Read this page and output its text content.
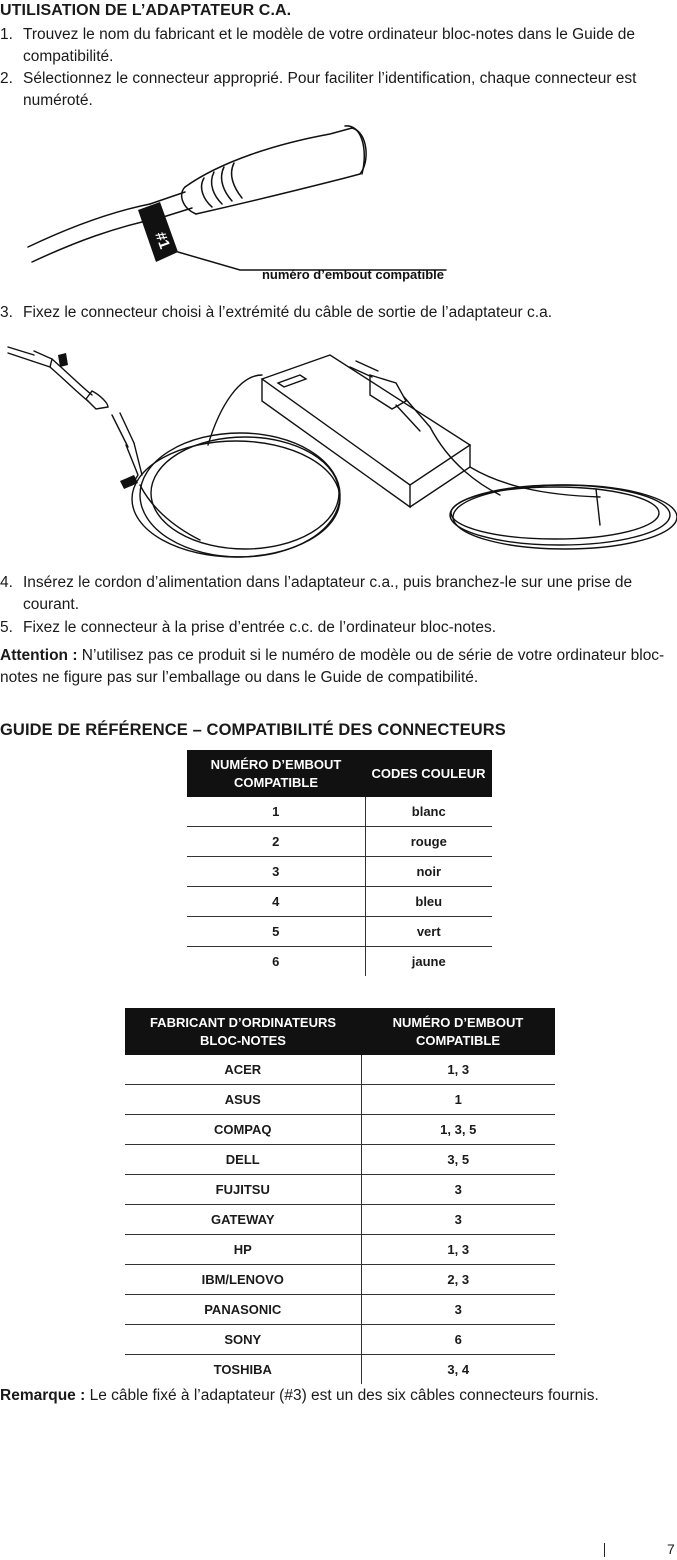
UTILISATION DE L’ADAPTATEUR C.A.
1. Trouvez le nom du fabricant et le modèle de votre ordinateur bloc-notes dans le Guide de compatibilité.
2. Sélectionnez le connecteur approprié. Pour faciliter l’identification, chaque connecteur est numéroté.
#1
numéro d’embout compatible
3. Fixez le connecteur choisi à l’extrémité du câble de sortie de l’adaptateur c.a.
4. Insérez le cordon d’alimentation dans l’adaptateur c.a., puis branchez-le sur une prise de courant.
5. Fixez le connecteur à la prise d’entrée c.c. de l’ordinateur bloc-notes.

Attention : N’utilisez pas ce produit si le numéro de modèle ou de série de votre ordinateur bloc-notes ne figure pas sur l’emballage ou dans le Guide de compatibilité.

GUIDE DE RÉFÉRENCE – COMPATIBILITÉ DES CONNECTEURS
NUMÉRO D’EMBOUT COMPATIBLE	CODES COULEUR
1	blanc
2	rouge
3	noir
4	bleu
5	vert
6	jaune
FABRICANT D’ORDINATEURS BLOC-NOTES	NUMÉRO D’EMBOUT COMPATIBLE
ACER	1, 3
ASUS	1
COMPAQ	1, 3, 5
DELL	3, 5
FUJITSU	3
GATEWAY	3
HP	1, 3
IBM/LENOVO	2, 3
PANASONIC	3
SONY	6
TOSHIBA	3, 4

Remarque : Le câble fixé à l’adaptateur (#3) est un des six câbles connecteurs fournis.

7
